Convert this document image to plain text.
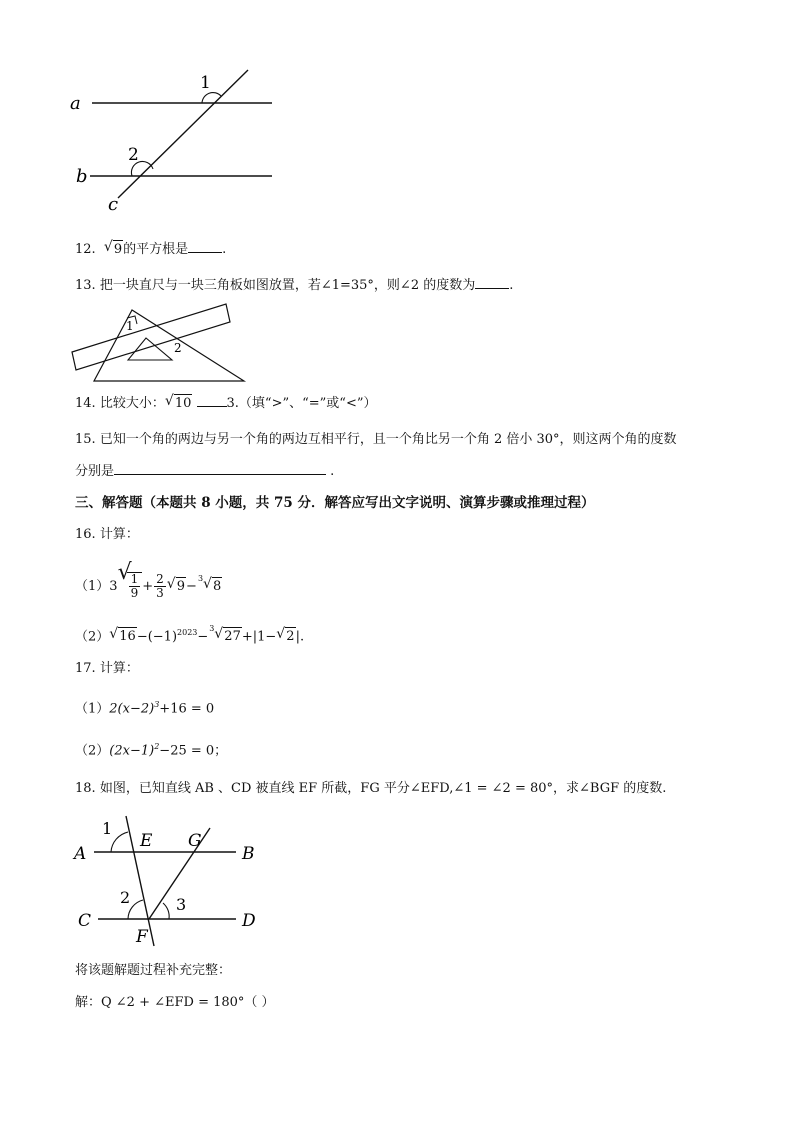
1
2
a
b
c
12. √ 9的平方根是	.
13. 把一块直尺与一块三角板如图放置，若∠1=35°，则∠2 的度数为	.
1
2
14. 比较大小： √ 10	3.（填“>”、“=”或“<”）
15. 已知一个角的两边与另一个角的两边互相平行，且一个角比另一个角 2 倍小 30°，则这两个角的度数
分别是	.
三、解答题（本题共 8 小题，共 75 分．解答应写出文字说明、演算步骤或推理过程）
16. 计算：
（1）3
√
$\frac{1}{9} + \frac{2}{3}$ √ 9−
3 √ 8
（2） √ $16-(-1)^{2023}-$
3 √ 27+|1− √ 2|.
17. 计算：
$(1)2(x-2)^3+16 = 0$
$(2)(2x-1)^2-25 = 0$；
18. 如图，已知直线 AB 、CD 被直线 EF 所截，FG 平分∠EFD,∠1 = ∠2 = 80°，求∠BGF 的度数.
1
2	3
A	B
C	D
E
F
G
将该题解题过程补充完整：
解：Q ∠2 + ∠EFD = 180°（ ）
